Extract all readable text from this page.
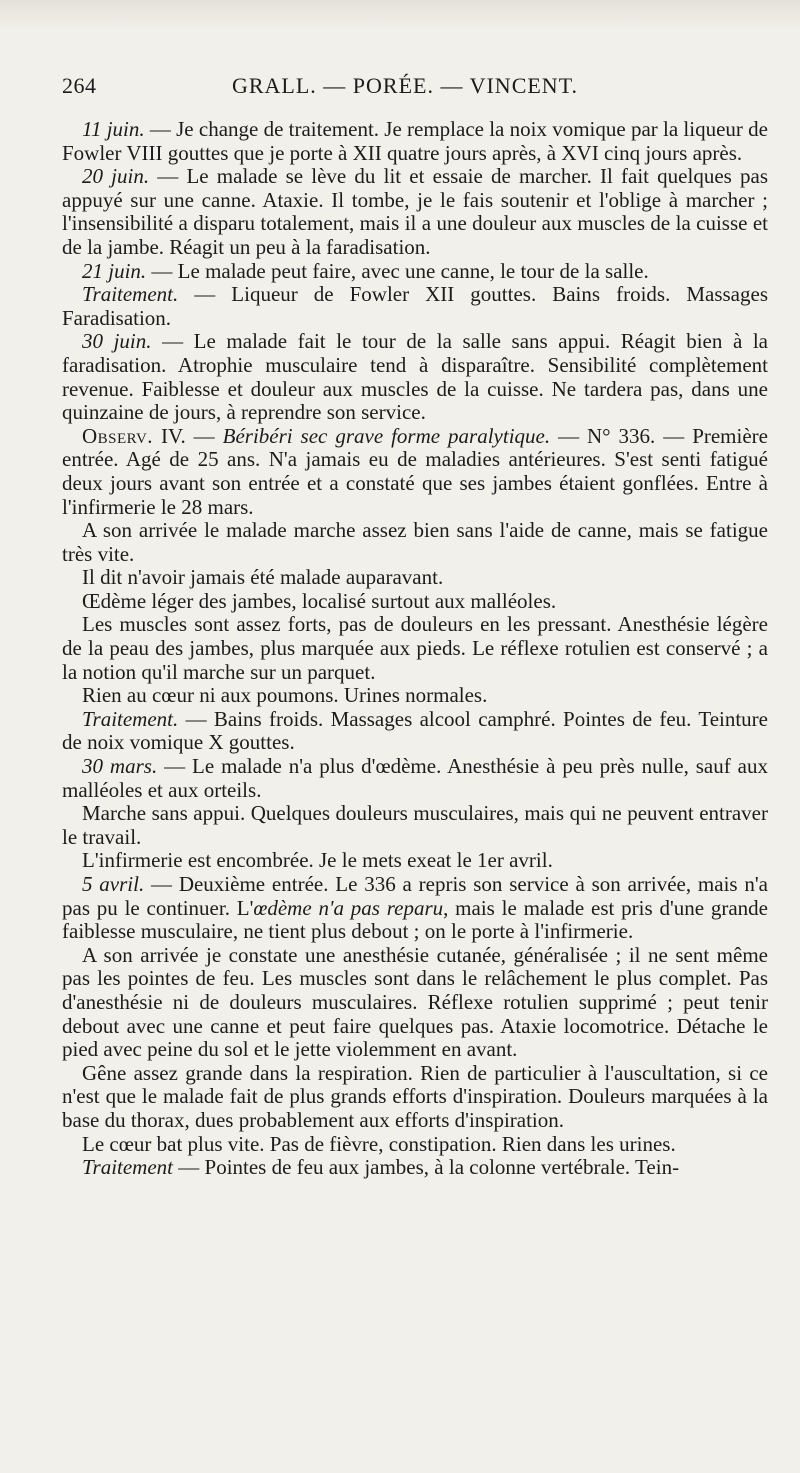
264	GRALL. — PORÉE. — VINCENT.

11 juin. — Je change de traitement. Je remplace la noix vomique par la liqueur de Fowler VIII gouttes que je porte à XII quatre jours après, à XVI cinq jours après.

20 juin. — Le malade se lève du lit et essaie de marcher. Il fait quelques pas appuyé sur une canne. Ataxie. Il tombe, je le fais soutenir et l'oblige à marcher ; l'insensibilité a disparu totalement, mais il a une douleur aux muscles de la cuisse et de la jambe. Réagit un peu à la faradisation.

21 juin. — Le malade peut faire, avec une canne, le tour de la salle.

Traitement. — Liqueur de Fowler XII gouttes. Bains froids. Massages Faradisation.

30 juin. — Le malade fait le tour de la salle sans appui. Réagit bien à la faradisation. Atrophie musculaire tend à disparaître. Sensibilité complètement revenue. Faiblesse et douleur aux muscles de la cuisse. Ne tardera pas, dans une quinzaine de jours, à reprendre son service.

Observ. IV. — Béribéri sec grave forme paralytique. — N° 336. — Première entrée. Agé de 25 ans. N'a jamais eu de maladies antérieures. S'est senti fatigué deux jours avant son entrée et a constaté que ses jambes étaient gonflées. Entre à l'infirmerie le 28 mars.

A son arrivée le malade marche assez bien sans l'aide de canne, mais se fatigue très vite.

Il dit n'avoir jamais été malade auparavant.

Œdème léger des jambes, localisé surtout aux malléoles.

Les muscles sont assez forts, pas de douleurs en les pressant. Anesthésie légère de la peau des jambes, plus marquée aux pieds. Le réflexe rotulien est conservé ; a la notion qu'il marche sur un parquet.

Rien au cœur ni aux poumons. Urines normales.

Traitement. — Bains froids. Massages alcool camphré. Pointes de feu. Teinture de noix vomique X gouttes.

30 mars. — Le malade n'a plus d'œdème. Anesthésie à peu près nulle, sauf aux malléoles et aux orteils.

Marche sans appui. Quelques douleurs musculaires, mais qui ne peuvent entraver le travail.

L'infirmerie est encombrée. Je le mets exeat le 1er avril.

5 avril. — Deuxième entrée. Le 336 a repris son service à son arrivée, mais n'a pas pu le continuer. L'œdème n'a pas reparu, mais le malade est pris d'une grande faiblesse musculaire, ne tient plus debout ; on le porte à l'infirmerie.

A son arrivée je constate une anesthésie cutanée, généralisée ; il ne sent même pas les pointes de feu. Les muscles sont dans le relâchement le plus complet. Pas d'anesthésie ni de douleurs musculaires. Réflexe rotulien supprimé ; peut tenir debout avec une canne et peut faire quelques pas. Ataxie locomotrice. Détache le pied avec peine du sol et le jette violemment en avant.

Gêne assez grande dans la respiration. Rien de particulier à l'auscultation, si ce n'est que le malade fait de plus grands efforts d'inspiration. Douleurs marquées à la base du thorax, dues probablement aux efforts d'inspiration.

Le cœur bat plus vite. Pas de fièvre, constipation. Rien dans les urines.

Traitement — Pointes de feu aux jambes, à la colonne vertébrale. Tein-
